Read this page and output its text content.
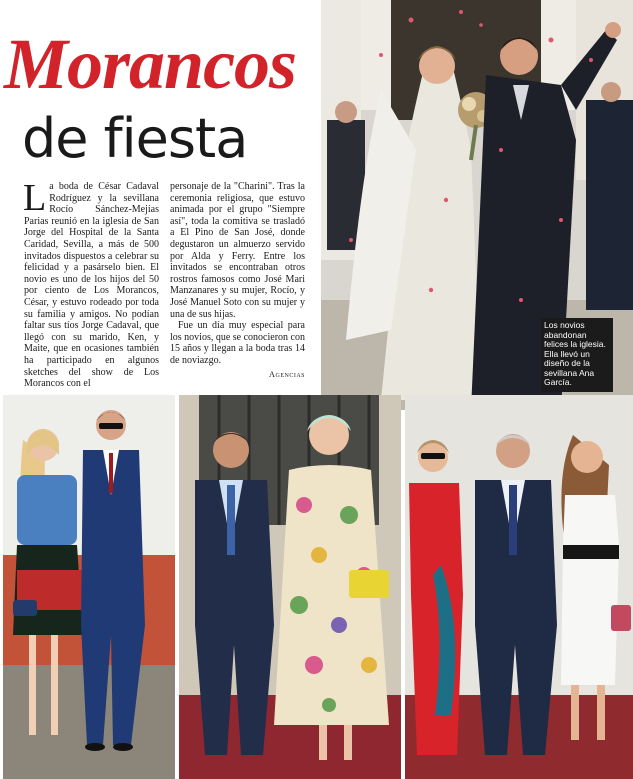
Morancos
de fiesta
La boda de César Cadaval Rodríguez y la sevillana Rocío Sánchez-Mejías Parias reunió en la iglesia de San Jorge del Hospital de la Santa Caridad, Sevilla, a más de 500 invitados dispuestos a celebrar su felicidad y a pasárselo bien. El novio es uno de los hijos del 50 por ciento de Los Morancos, César, y estuvo rodeado por toda su familia y amigos. No podían faltar sus tíos Jorge Cadaval, que llegó con su marido, Ken, y Maite, que en ocasiones también ha participado en algunos sketches del show de Los Morancos con el
personaje de la "Charini". Tras la ceremonia religiosa, que estuvo animada por el grupo "Siempre así", toda la comitiva se trasladó a El Pino de San José, donde degustaron un almuerzo servido por Alda y Ferry. Entre los invitados se encontraban otros rostros famosos como José Mari Manzanares y su mujer, Rocío, y José Manuel Soto con su mujer y una de sus hijas.
Fue un día muy especial para los novios, que se conocieron con 15 años y llegan a la boda tras 14 de noviazgo.
Agencias
Los novios abandonan felices la iglesia. Ella llevó un diseño de la sevillana Ana García.
